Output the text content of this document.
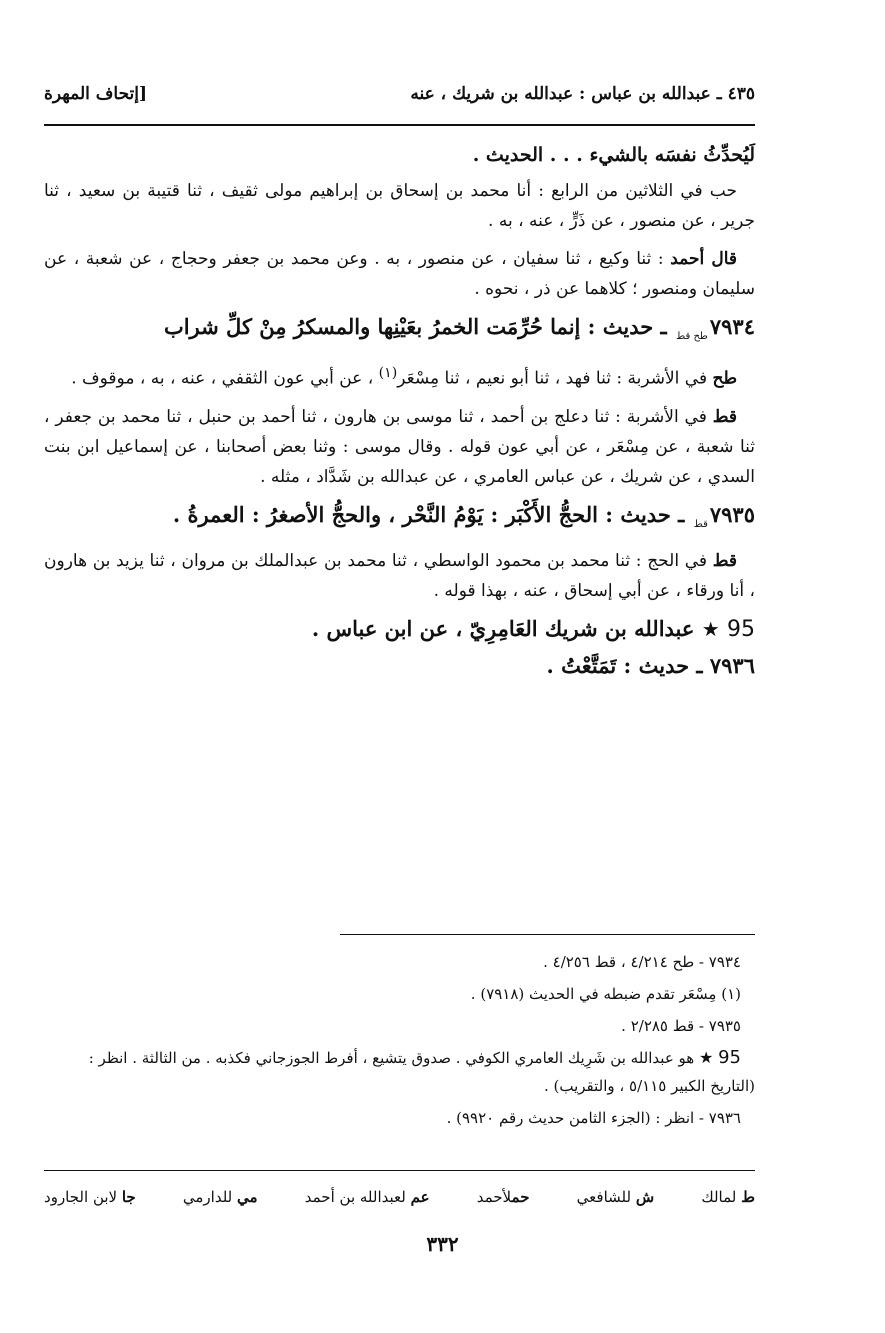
٤٣٥ ـ عبدالله بن عباس : عبدالله بن شريك ، عنه
[إتحاف المهرة

لَيُحدِّثُ نفسَه بالشيء . . . الحديث .

حب في الثلاثين من الرابع : أنا محمد بن إسحاق بن إبراهيم مولى ثقيف ، ثنا قتيبة بن سعيد ، ثنا جرير ، عن منصور ، عن ذَرٍّ ، عنه ، به .

قال أحمد : ثنا وكيع ، ثنا سفيان ، عن منصور ، به . وعن محمد بن جعفر وحجاج ، عن شعبة ، عن سليمان ومنصور ؛ كلاهما عن ذر ، نحوه .

$٧٩٣٤_{طح قط}$ ـ حديث : إنما حُرِّمَت الخمرُ بعَيْنِها والمسكرُ مِنْ كلِّ شراب

طح في الأشربة : ثنا فهد ، ثنا أبو نعيم ، ثنا مِسْعَر$^{(١)}$ ، عن أبي عون الثقفي ، عنه ، به ، موقوف .

قط في الأشربة : ثنا دعلج بن أحمد ، ثنا موسى بن هارون ، ثنا أحمد بن حنبل ، ثنا محمد بن جعفر ، ثنا شعبة ، عن مِسْعَر ، عن أبي عون قوله . وقال موسى : وثنا بعض أصحابنا ، عن إسماعيل ابن بنت السدي ، عن شريك ، عن عباس العامري ، عن عبدالله بن شَدَّاد ، مثله .

$٧٩٣٥_{قط}$ ـ حديث : الحجُّ الأَكْبَر : يَوْمُ النَّحْر ، والحجُّ الأصغرُ : العمرةُ .

قط في الحج : ثنا محمد بن محمود الواسطي ، ثنا محمد بن عبدالملك بن مروان ، ثنا يزيد بن هارون ، أنا ورقاء ، عن أبي إسحاق ، عنه ، بهذا قوله .

95 ★ عبدالله بن شريك العَامِرِيّ ، عن ابن عباس .

٧٩٣٦ ـ حديث : تَمَتَّعْتُ .

٧٩٣٤ - طح ٤/٢١٤ ، قط ٤/٢٥٦ .

(١) مِسْعَر تقدم ضبطه في الحديث (٧٩١٨) .

٧٩٣٥ - قط ٢/٢٨٥ .

95 ★ هو عبدالله بن شَرِيك العامري الكوفي . صدوق يتشيع ، أفرط الجوزجاني فكذبه . من الثالثة . انظر : (التاريخ الكبير ٥/١١٥ ، والتقريب) .

٧٩٣٦ - انظر : (الجزء الثامن حديث رقم ٩٩٢٠) .

ط لمالك
ش للشافعي
حملأحمد
عم لعبدالله بن أحمد
مي للدارمي
جا لابن الجارود
٣٣٢
